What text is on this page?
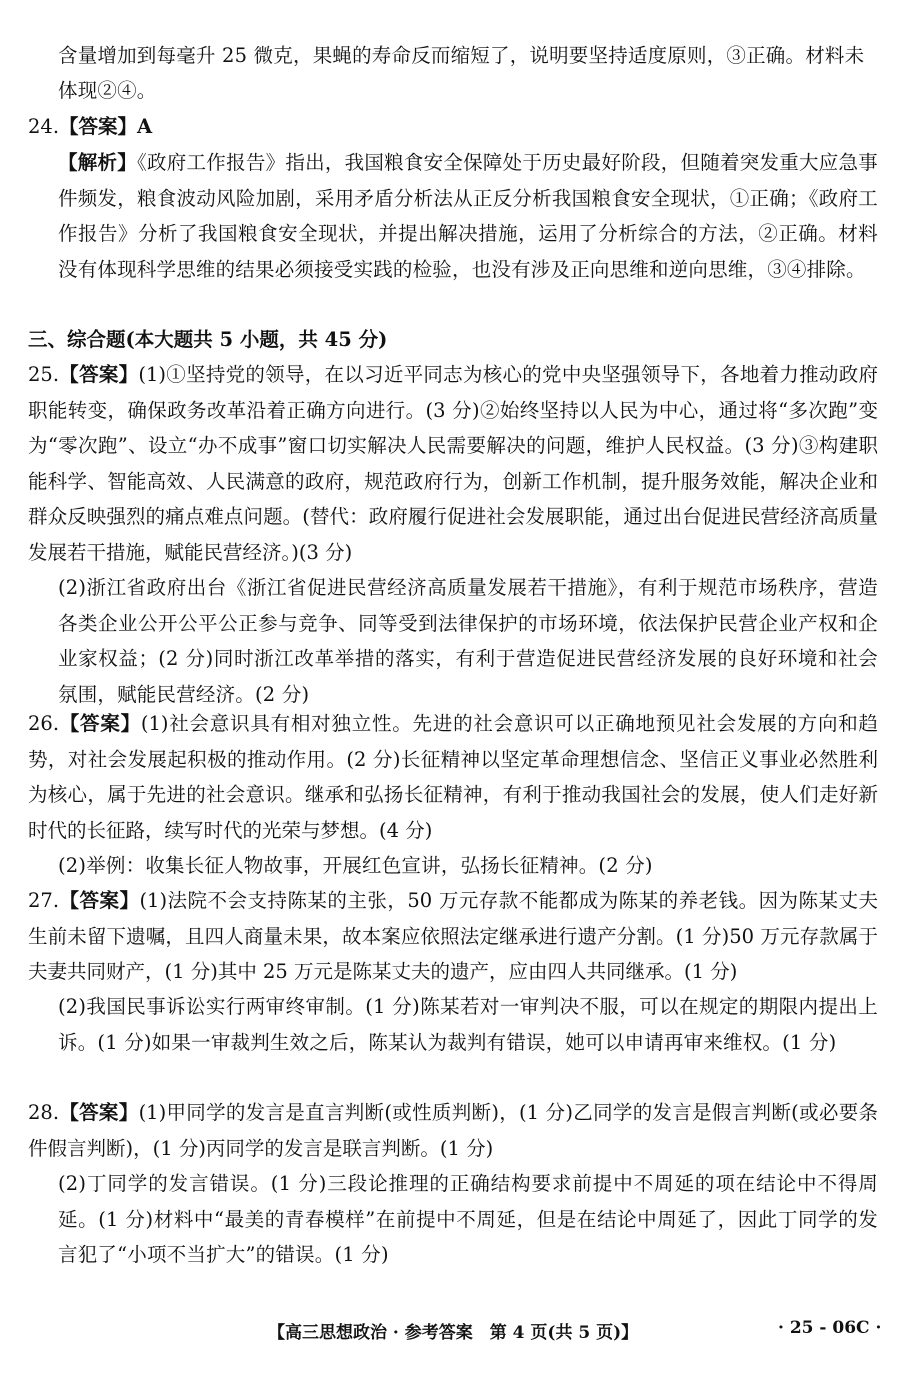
含量增加到每毫升 25 微克，果蝇的寿命反而缩短了，说明要坚持适度原则，③正确。材料未

体现②④。

24.【答案】A

【解析】《政府工作报告》指出，我国粮食安全保障处于历史最好阶段，但随着突发重大应急事件频发，粮食波动风险加剧，采用矛盾分析法从正反分析我国粮食安全现状，①正确；《政府工作报告》分析了我国粮食安全现状，并提出解决措施，运用了分析综合的方法，②正确。材料没有体现科学思维的结果必须接受实践的检验，也没有涉及正向思维和逆向思维，③④排除。

三、综合题(本大题共 5 小题，共 45 分)

25.【答案】(1)①坚持党的领导，在以习近平同志为核心的党中央坚强领导下，各地着力推动政府职能转变，确保政务改革沿着正确方向进行。(3 分)②始终坚持以人民为中心，通过将“多次跑”变为“零次跑”、设立“办不成事”窗口切实解决人民需要解决的问题，维护人民权益。(3 分)③构建职能科学、智能高效、人民满意的政府，规范政府行为，创新工作机制，提升服务效能，解决企业和群众反映强烈的痛点难点问题。(替代：政府履行促进社会发展职能，通过出台促进民营经济高质量发展若干措施，赋能民营经济。)(3 分)

(2)浙江省政府出台《浙江省促进民营经济高质量发展若干措施》，有利于规范市场秩序，营造各类企业公开公平公正参与竞争、同等受到法律保护的市场环境，依法保护民营企业产权和企业家权益；(2 分)同时浙江改革举措的落实，有利于营造促进民营经济发展的良好环境和社会氛围，赋能民营经济。(2 分)

26.【答案】(1)社会意识具有相对独立性。先进的社会意识可以正确地预见社会发展的方向和趋势，对社会发展起积极的推动作用。(2 分)长征精神以坚定革命理想信念、坚信正义事业必然胜利为核心，属于先进的社会意识。继承和弘扬长征精神，有利于推动我国社会的发展，使人们走好新时代的长征路，续写时代的光荣与梦想。(4 分)

(2)举例：收集长征人物故事，开展红色宣讲，弘扬长征精神。(2 分)

27.【答案】(1)法院不会支持陈某的主张，50 万元存款不能都成为陈某的养老钱。因为陈某丈夫生前未留下遗嘱，且四人商量未果，故本案应依照法定继承进行遗产分割。(1 分)50 万元存款属于夫妻共同财产，(1 分)其中 25 万元是陈某丈夫的遗产，应由四人共同继承。(1 分)

(2)我国民事诉讼实行两审终审制。(1 分)陈某若对一审判决不服，可以在规定的期限内提出上诉。(1 分)如果一审裁判生效之后，陈某认为裁判有错误，她可以申请再审来维权。(1 分)

28.【答案】(1)甲同学的发言是直言判断(或性质判断)，(1 分)乙同学的发言是假言判断(或必要条件假言判断)，(1 分)丙同学的发言是联言判断。(1 分)

(2)丁同学的发言错误。(1 分)三段论推理的正确结构要求前提中不周延的项在结论中不得周延。(1 分)材料中“最美的青春模样”在前提中不周延，但是在结论中周延了，因此丁同学的发言犯了“小项不当扩大”的错误。(1 分)

【高三思想政治 · 参考答案　第 4 页(共 5 页)】	· 25 - 06C ·
